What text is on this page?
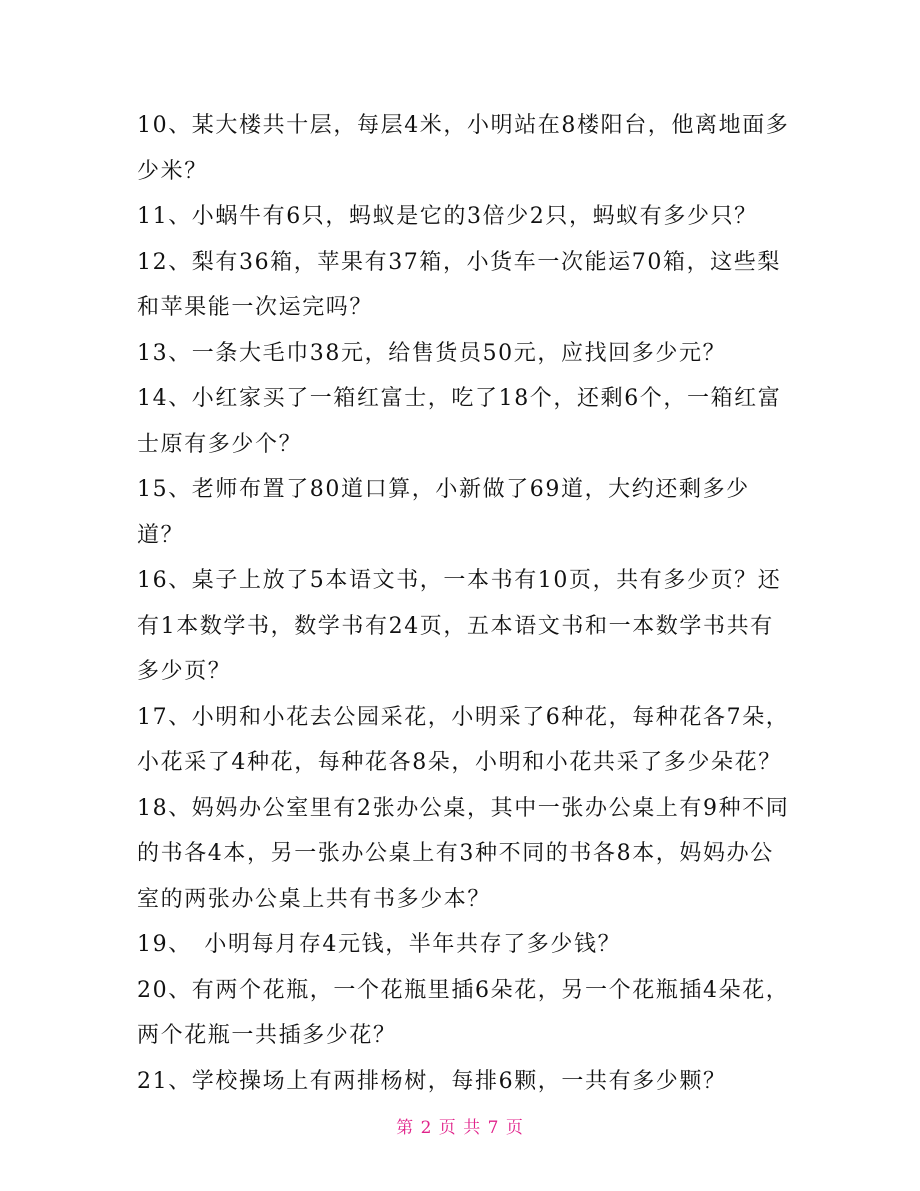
10、某大楼共十层，每层4米，小明站在8楼阳台，他离地面多少米？

11、小蜗牛有6只，蚂蚁是它的3倍少2只，蚂蚁有多少只？

12、梨有36箱，苹果有37箱，小货车一次能运70箱，这些梨和苹果能一次运完吗？

13、一条大毛巾38元，给售货员50元，应找回多少元？

14、小红家买了一箱红富士，吃了18个，还剩6个，一箱红富士原有多少个？

15、老师布置了80道口算，小新做了69道，大约还剩多少道？

16、桌子上放了5本语文书，一本书有10页，共有多少页？还有1本数学书，数学书有24页，五本语文书和一本数学书共有多少页？

17、小明和小花去公园采花，小明采了6种花，每种花各7朵，小花采了4种花，每种花各8朵，小明和小花共采了多少朵花？

18、妈妈办公室里有2张办公桌，其中一张办公桌上有9种不同的书各4本，另一张办公桌上有3种不同的书各8本，妈妈办公室的两张办公桌上共有书多少本？

19、　小明每月存4元钱，半年共存了多少钱？

20、有两个花瓶，一个花瓶里插6朵花，另一个花瓶插4朵花，两个花瓶一共插多少花？

21、学校操场上有两排杨树，每排6颗，一共有多少颗？

第 2 页 共 7 页
